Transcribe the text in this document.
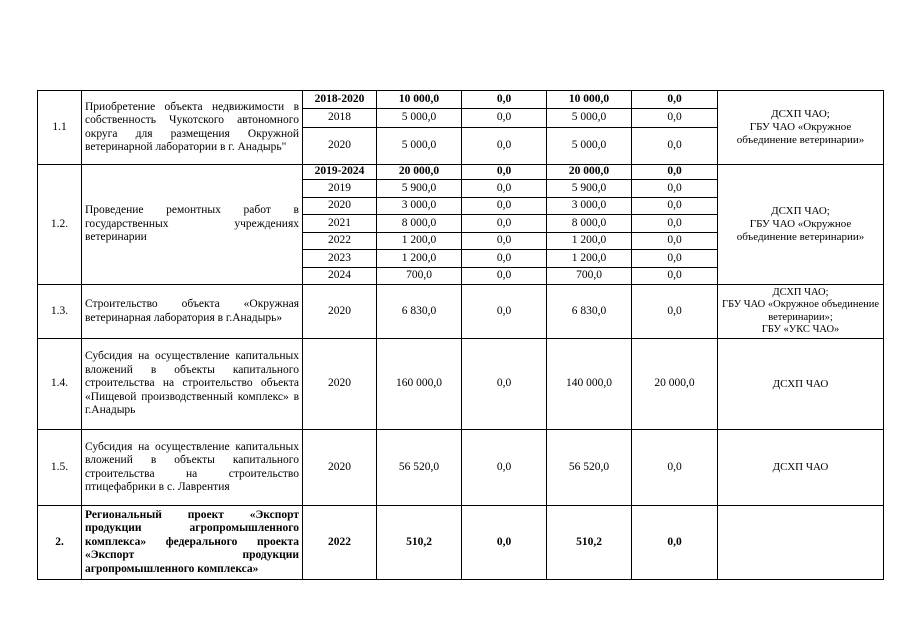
1.1	Приобретение объекта недвижимости в собственность Чукотского автономного округа для размещения Окружной ветеринарной лаборатории в г. Анадырь"	2018-2020	10 000,0	0,0	10 000,0	0,0	ДСХП ЧАО;
ГБУ ЧАО «Окружное объединение ветеринарии»
		2018	5 000,0	0,0	5 000,0	0,0	
		2020	5 000,0	0,0	5 000,0	0,0	
1.2.	Проведение ремонтных работ в государственных учреждениях ветеринарии	2019-2024	20 000,0	0,0	20 000,0	0,0	ДСХП ЧАО;
ГБУ ЧАО «Окружное объединение ветеринарии»
		2019	5 900,0	0,0	5 900,0	0,0	
		2020	3 000,0	0,0	3 000,0	0,0	
		2021	8 000,0	0,0	8 000,0	0,0	
		2022	1 200,0	0,0	1 200,0	0,0	
		2023	1 200,0	0,0	1 200,0	0,0	
		2024	700,0	0,0	700,0	0,0	
1.3.	Строительство объекта «Окружная ветеринарная лаборатория в г.Анадырь»	2020	6 830,0	0,0	6 830,0	0,0	ДСХП ЧАО;
ГБУ ЧАО «Окружное объединение ветеринарии»;
ГБУ «УКС ЧАО»
1.4.	Субсидия на осуществление капитальных вложений в объекты капитального строительства на строительство объекта «Пищевой производственный комплекс» в г.Анадырь	2020	160 000,0	0,0	140 000,0	20 000,0	ДСХП ЧАО
1.5.	Субсидия на осуществление капитальных вложений в объекты капитального строительства на строительство птицефабрики в с. Лаврентия	2020	56 520,0	0,0	56 520,0	0,0	ДСХП ЧАО
2.	Региональный проект «Экспорт продукции агропромышленного комплекса» федерального проекта «Экспорт продукции агропромышленного комплекса»	2022	510,2	0,0	510,2	0,0	
